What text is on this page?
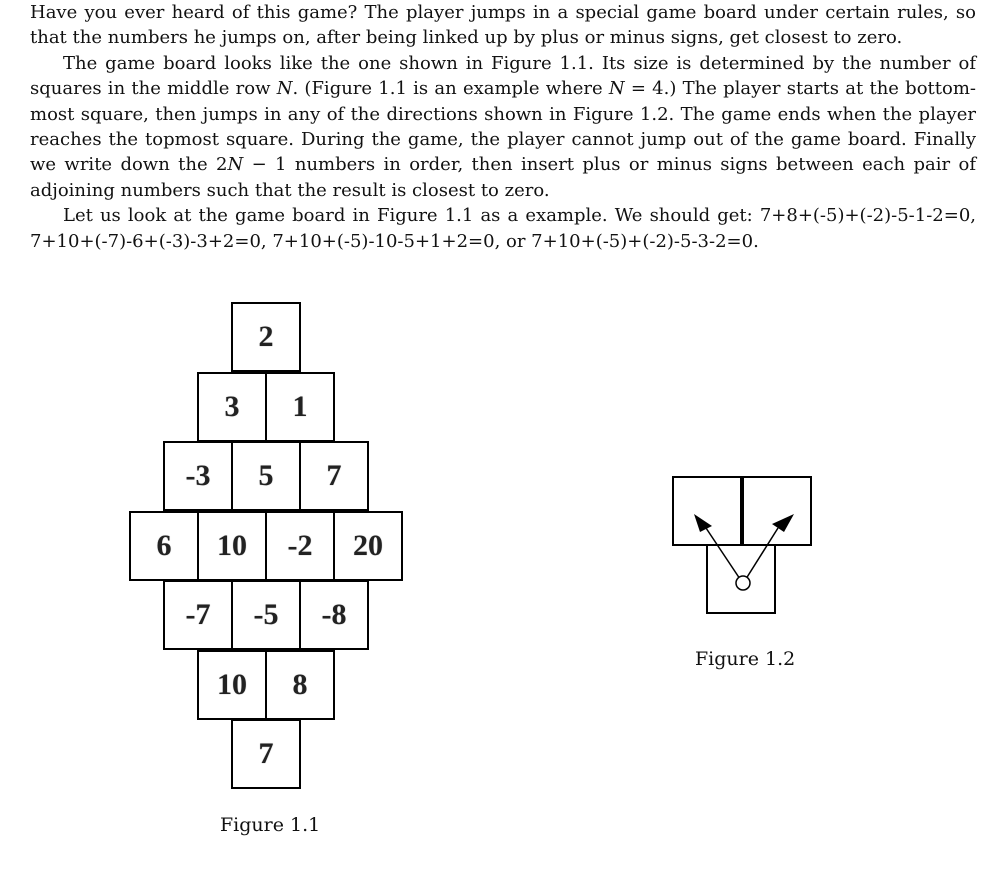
Have you ever heard of this game? The player jumps in a special game board under certain rules, so that the numbers he jumps on, after being linked up by plus or minus signs, get closest to zero.

The game board looks like the one shown in Figure 1.1. Its size is determined by the number of squares in the middle row N. (Figure 1.1 is an example where N = 4.) The player starts at the bottom-most square, then jumps in any of the directions shown in Figure 1.2. The game ends when the player reaches the topmost square. During the game, the player cannot jump out of the game board. Finally we write down the 2N − 1 numbers in order, then insert plus or minus signs between each pair of adjoining numbers such that the result is closest to zero.

Let us look at the game board in Figure 1.1 as a example. We should get: 7+8+(-5)+(-2)-5-1-2=0, 7+10+(-7)-6+(-3)-3+2=0, 7+10+(-5)-10-5+1+2=0, or 7+10+(-5)+(-2)-5-3-2=0.

2
3	1
-3	5	7
6	10	-2	20
-7	-5	-8
10	8
7
Figure 1.1
Figure 1.2
